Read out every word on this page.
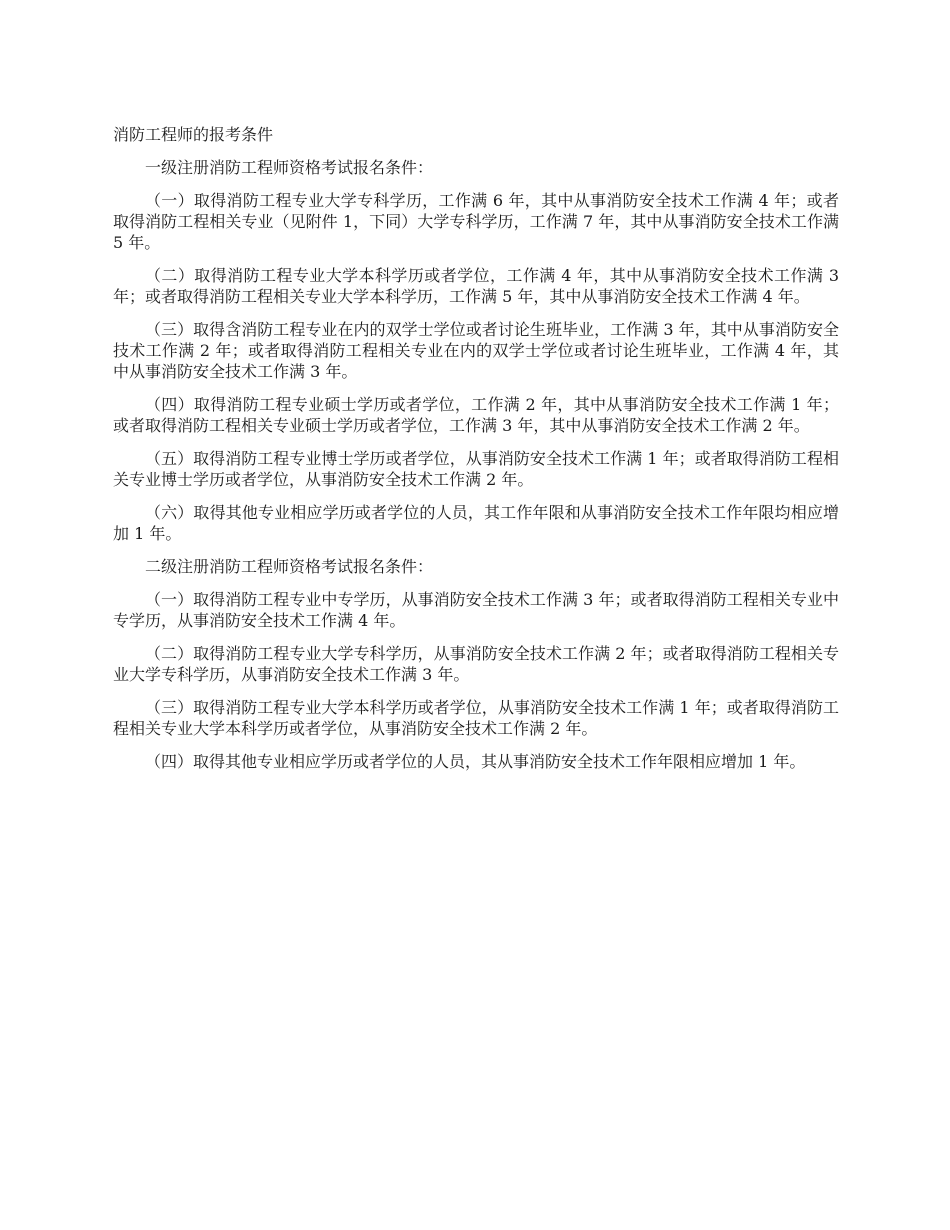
消防工程师的报考条件

一级注册消防工程师资格考试报名条件：

（一）取得消防工程专业大学专科学历，工作满 6 年，其中从事消防安全技术工作满 4 年；或者取得消防工程相关专业（见附件 1，下同）大学专科学历，工作满 7 年，其中从事消防安全技术工作满 5 年。

（二）取得消防工程专业大学本科学历或者学位，工作满 4 年，其中从事消防安全技术工作满 3 年；或者取得消防工程相关专业大学本科学历，工作满 5 年，其中从事消防安全技术工作满 4 年。

（三）取得含消防工程专业在内的双学士学位或者讨论生班毕业，工作满 3 年，其中从事消防安全技术工作满 2 年；或者取得消防工程相关专业在内的双学士学位或者讨论生班毕业，工作满 4 年，其中从事消防安全技术工作满 3 年。

（四）取得消防工程专业硕士学历或者学位，工作满 2 年，其中从事消防安全技术工作满 1 年；或者取得消防工程相关专业硕士学历或者学位，工作满 3 年，其中从事消防安全技术工作满 2 年。

（五）取得消防工程专业博士学历或者学位，从事消防安全技术工作满 1 年；或者取得消防工程相关专业博士学历或者学位，从事消防安全技术工作满 2 年。

（六）取得其他专业相应学历或者学位的人员，其工作年限和从事消防安全技术工作年限均相应增加 1 年。

二级注册消防工程师资格考试报名条件：

（一）取得消防工程专业中专学历，从事消防安全技术工作满 3 年；或者取得消防工程相关专业中专学历，从事消防安全技术工作满 4 年。

（二）取得消防工程专业大学专科学历，从事消防安全技术工作满 2 年；或者取得消防工程相关专业大学专科学历，从事消防安全技术工作满 3 年。

（三）取得消防工程专业大学本科学历或者学位，从事消防安全技术工作满 1 年；或者取得消防工程相关专业大学本科学历或者学位，从事消防安全技术工作满 2 年。

（四）取得其他专业相应学历或者学位的人员，其从事消防安全技术工作年限相应增加 1 年。
